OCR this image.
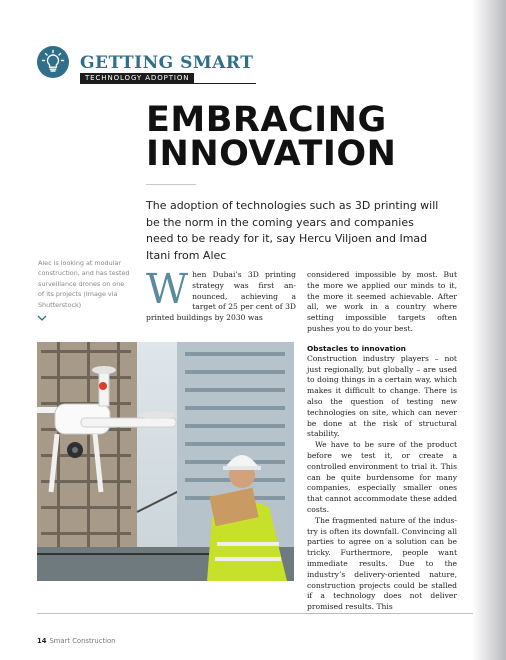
GETTING SMART
TECHNOLOGY ADOPTION
EMBRACING
INNOVATION

The adoption of technologies such as 3D printing will be the norm in the coming years and companies need to be ready for it, say Hercu Viljoen and Imad Itani from Alec

Alec is looking at modular construction, and has tested surveillance drones on one of its projects (Image via Shutterstock)	W hen Dubai’s 3D printing strategy was first announced, achieving a target of 25 per cent of 3D printed buildings by 2030 was

considered impossible by most. But the more we applied our minds to it, the more it seemed achievable. After all, we work in a country where setting impossible targets often pushes you to do your best.

Obstacles to innovation

Construction industry players – not just regionally, but globally – are used to doing things in a certain way, which makes it difficult to change. There is also the question of testing new technologies on site, which can never be done at the risk of structural stability.

We have to be sure of the product before we test it, or create a controlled environment to trial it. This can be quite burdensome for many companies, especially smaller ones that cannot accommodate these added costs.

The fragmented nature of the industry is often its downfall. Convincing all parties to agree on a solution can be tricky. Furthermore, people want immediate results. Due to the industry’s delivery-oriented nature, construction projects could be stalled if a technology does not deliver promised results. This

14 Smart Construction
